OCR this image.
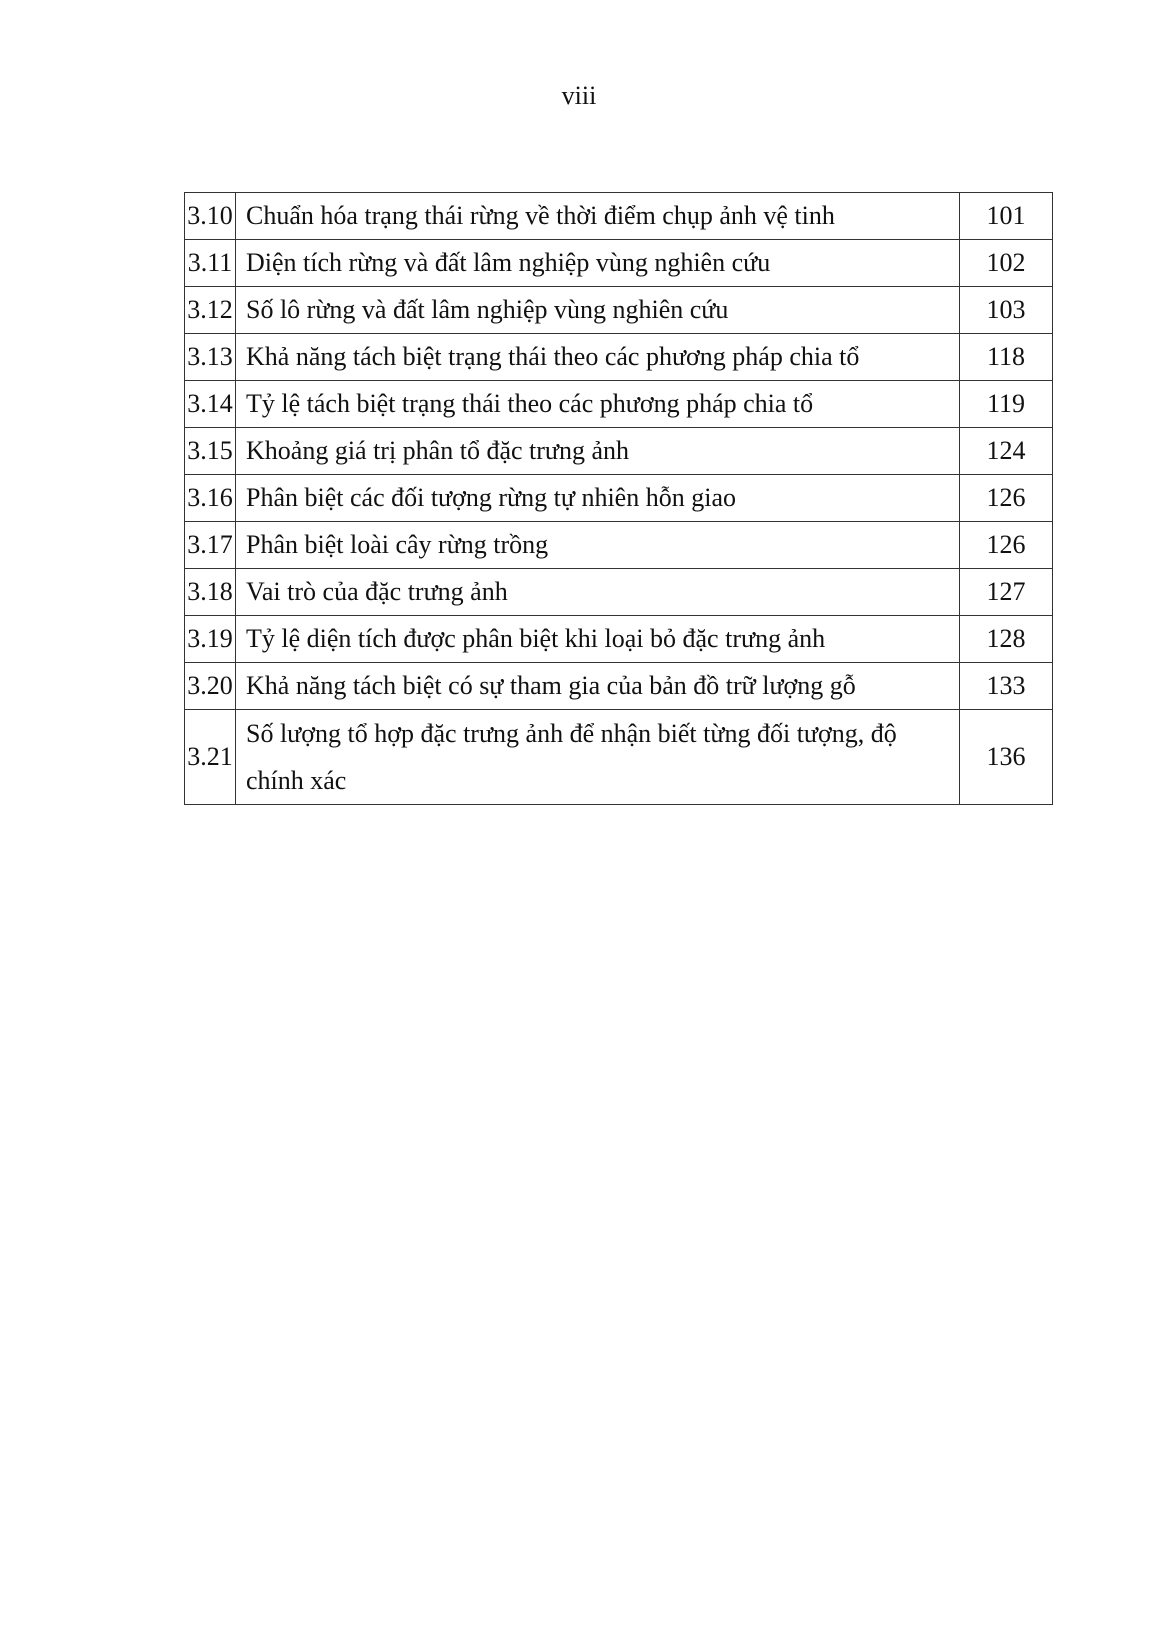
viii
3.10	Chuẩn hóa trạng thái rừng về thời điểm chụp ảnh vệ tinh	101
3.11	Diện tích rừng và đất lâm nghiệp vùng nghiên cứu	102
3.12	Số lô rừng và đất lâm nghiệp vùng nghiên cứu	103
3.13	Khả năng tách biệt trạng thái theo các phương pháp chia tổ	118
3.14	Tỷ lệ tách biệt trạng thái theo các phương pháp chia tổ	119
3.15	Khoảng giá trị phân tổ đặc trưng ảnh	124
3.16	Phân biệt các đối tượng rừng tự nhiên hỗn giao	126
3.17	Phân biệt loài cây rừng trồng	126
3.18	Vai trò của đặc trưng ảnh	127
3.19	Tỷ lệ diện tích được phân biệt khi loại bỏ đặc trưng ảnh	128
3.20	Khả năng tách biệt có sự tham gia của bản đồ trữ lượng gỗ	133
3.21	Số lượng tổ hợp đặc trưng ảnh để nhận biết từng đối tượng, độ chính xác	136
